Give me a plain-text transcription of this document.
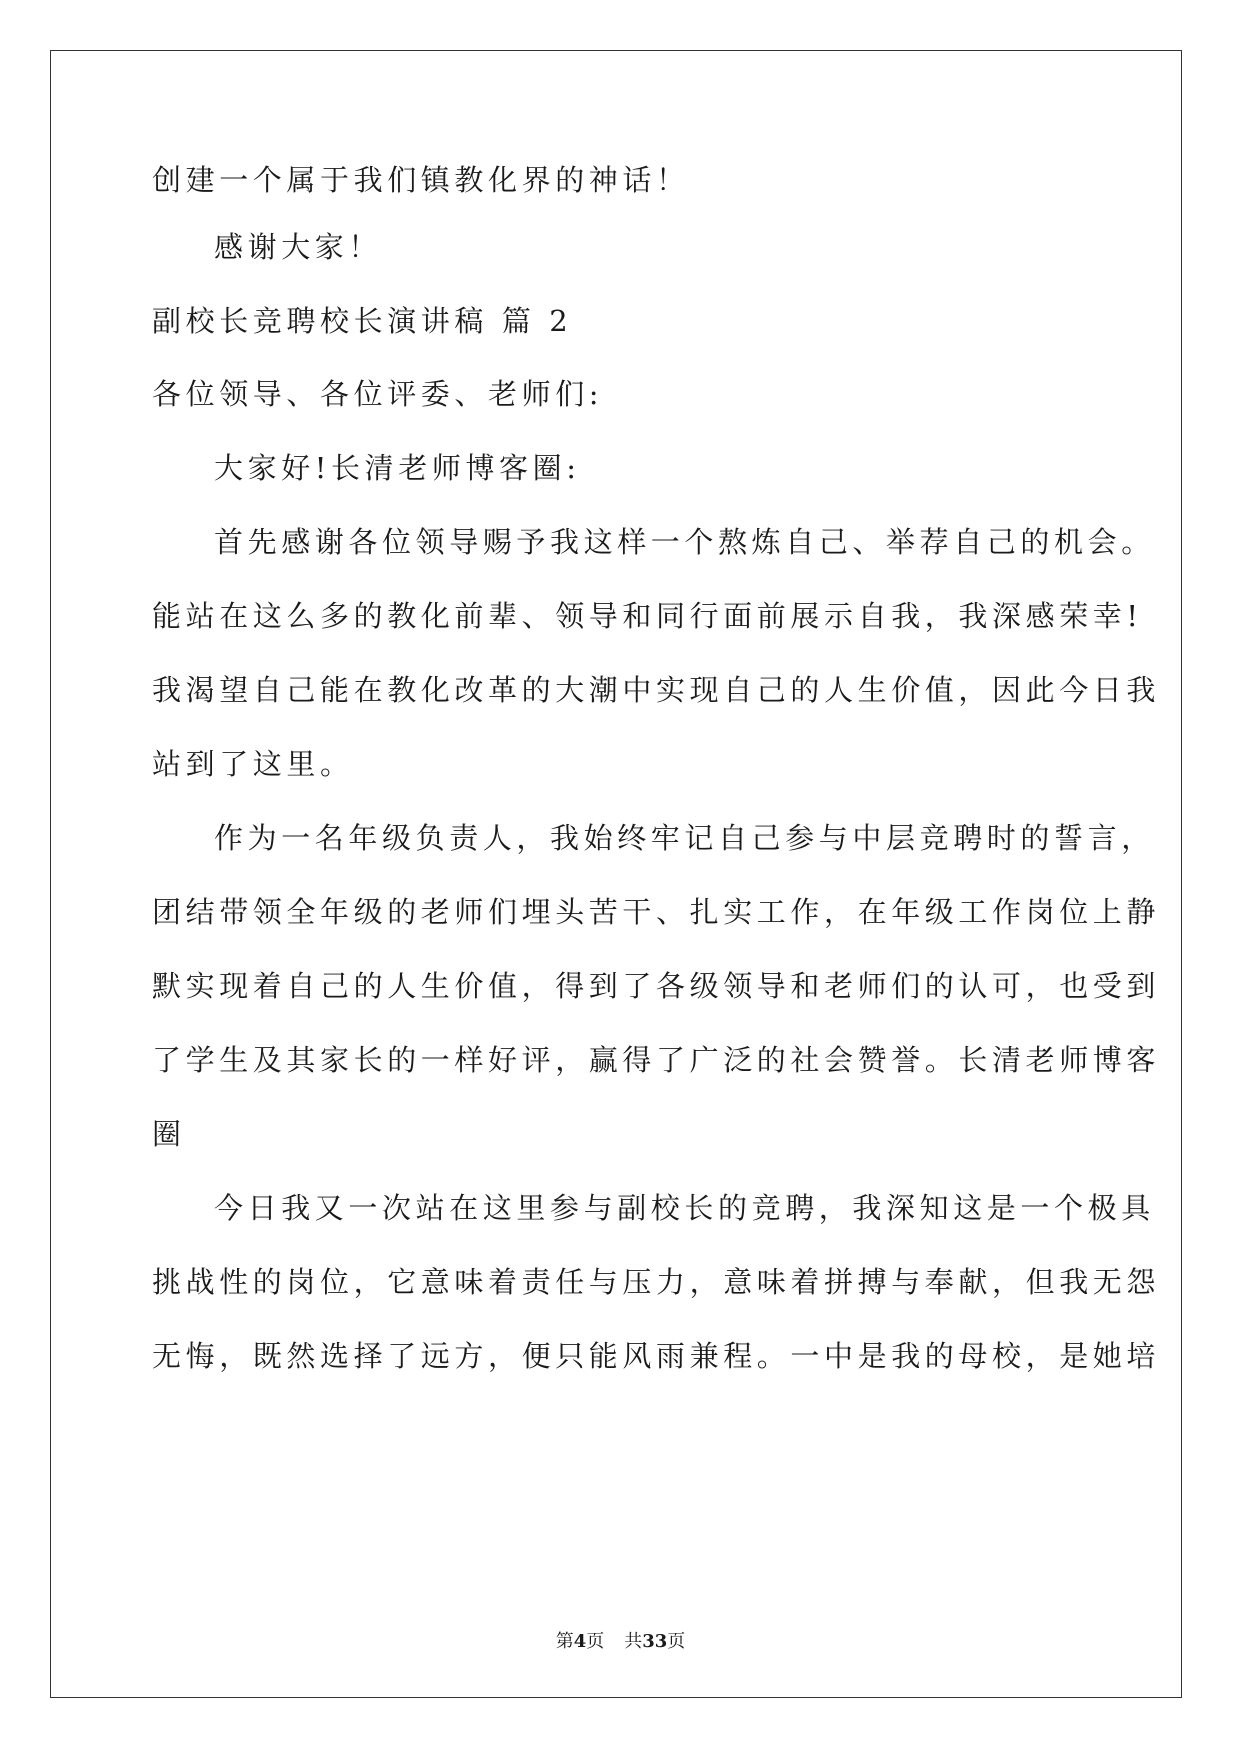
创建一个属于我们镇教化界的神话！
感谢大家！
副校长竞聘校长演讲稿 篇 2
各位领导、各位评委、老师们:
大家好!长清老师博客圈:
首先感谢各位领导赐予我这样一个熬炼自己、举荐自己的机会。
能站在这么多的教化前辈、领导和同行面前展示自我，我深感荣幸!
我渴望自己能在教化改革的大潮中实现自己的人生价值，因此今日我
站到了这里。
作为一名年级负责人，我始终牢记自己参与中层竞聘时的誓言，
团结带领全年级的老师们埋头苦干、扎实工作，在年级工作岗位上静
默实现着自己的人生价值，得到了各级领导和老师们的认可，也受到
了学生及其家长的一样好评，赢得了广泛的社会赞誉。长清老师博客
圈
今日我又一次站在这里参与副校长的竞聘，我深知这是一个极具
挑战性的岗位，它意味着责任与压力，意味着拼搏与奉献，但我无怨
无悔，既然选择了远方，便只能风雨兼程。一中是我的母校，是她培
第4页 共33页
